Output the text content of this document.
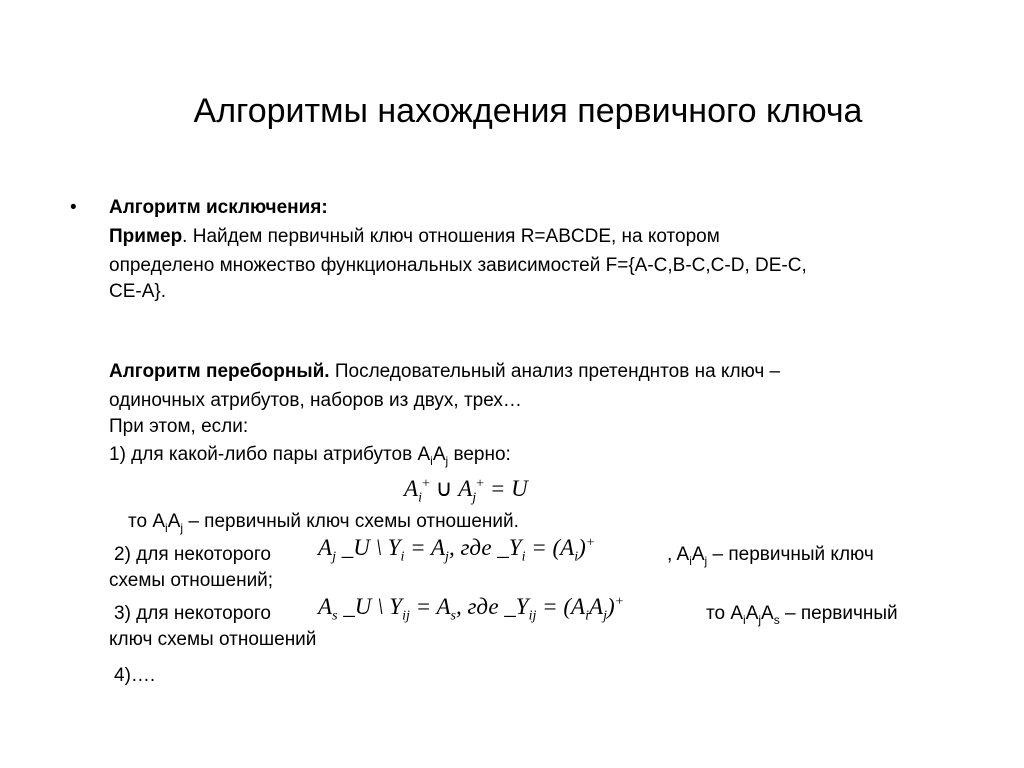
Алгоритмы нахождения первичного ключа
• Алгоритм исключения:
Пример. Найдем первичный ключ отношения R=ABCDE, на котором
определено множество функциональных зависимостей F={A-C,B-C,C-D, DE-C,
CE-A}.
Алгоритм переборный. Последовательный анализ претенднтов на ключ –
одиночных атрибутов, наборов из двух, трех…
При этом, если:
1) для какой-либо пары атрибутов $A_iA_j$ верно:
$A_i^+$ ∪ $A_j^+ = U$
то $A_iA_j$ – первичный ключ схемы отношений.
2) для некоторого $A_j$ _U \ $Y_i = A_j$, где $\_Y_i = (A_i)^+$
, $A_iA_j$ – первичный ключ
схемы отношений;
3) для некоторого $A_s$ _U \ $Y_{ij} = A_s$, где $\_Y_{ij} = (A_iA_j)^+$
то $A_iA_jA_s$ – первичный
ключ схемы отношений
4)….
